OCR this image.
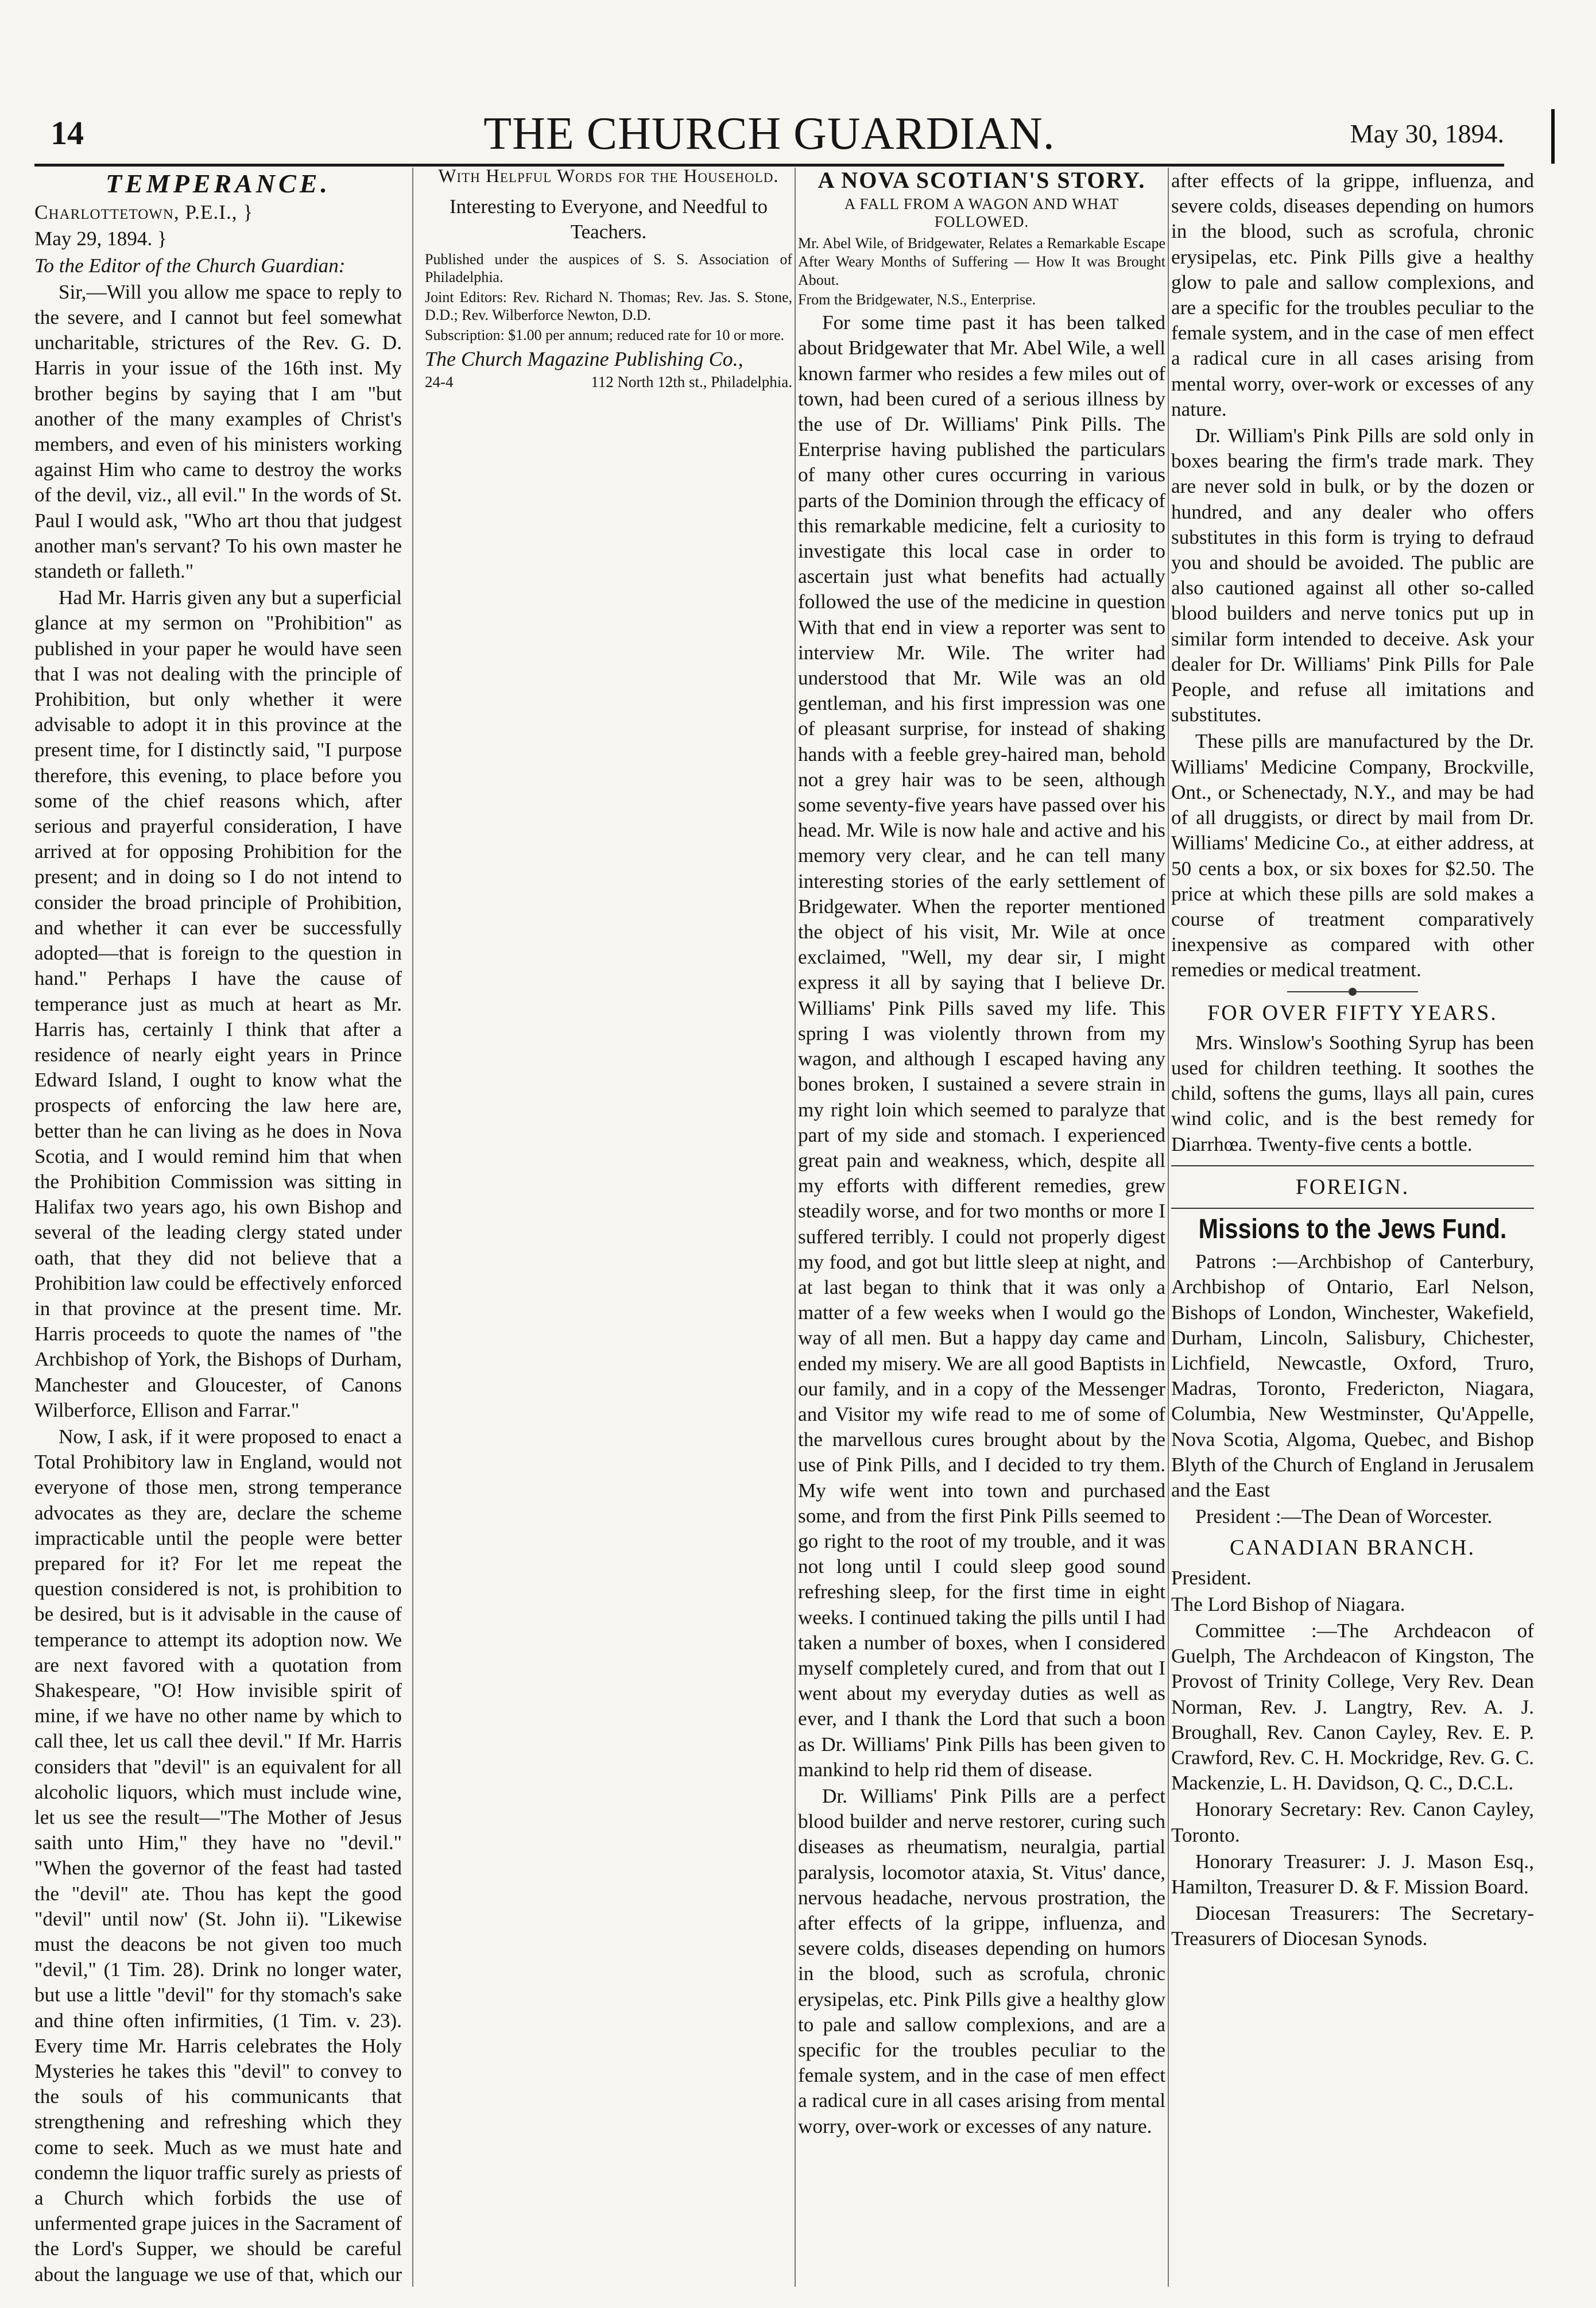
14	THE CHURCH GUARDIAN.	May 30, 1894.
TEMPERANCE.

Charlottetown, P.E.I., }

May 29, 1894. }

To the Editor of the Church Guardian:

Sir,—Will you allow me space to reply to the severe, and I cannot but feel somewhat uncharitable, strictures of the Rev. G. D. Harris in your issue of the 16th inst. My brother begins by saying that I am "but another of the many examples of Christ's members, and even of his ministers working against Him who came to destroy the works of the devil, viz., all evil." In the words of St. Paul I would ask, "Who art thou that judgest another man's servant? To his own master he standeth or falleth."

Had Mr. Harris given any but a superficial glance at my sermon on "Prohibition" as published in your paper he would have seen that I was not dealing with the principle of Prohibition, but only whether it were advisable to adopt it in this province at the present time, for I distinctly said, "I purpose therefore, this evening, to place before you some of the chief reasons which, after serious and prayerful consideration, I have arrived at for opposing Prohibition for the present; and in doing so I do not intend to consider the broad principle of Prohibition, and whether it can ever be successfully adopted—that is foreign to the question in hand." Perhaps I have the cause of temperance just as much at heart as Mr. Harris has, certainly I think that after a residence of nearly eight years in Prince Edward Island, I ought to know what the prospects of enforcing the law here are, better than he can living as he does in Nova Scotia, and I would remind him that when the Prohibition Commission was sitting in Halifax two years ago, his own Bishop and several of the leading clergy stated under oath, that they did not believe that a Prohibition law could be effectively enforced in that province at the present time. Mr. Harris proceeds to quote the names of "the Archbishop of York, the Bishops of Durham, Manchester and Gloucester, of Canons Wilberforce, Ellison and Farrar."

Now, I ask, if it were proposed to enact a Total Prohibitory law in England, would not everyone of those men, strong temperance advocates as they are, declare the scheme impracticable until the people were better prepared for it? For let me repeat the question considered is not, is prohibition to be desired, but is it advisable in the cause of temperance to attempt its adoption now. We are next favored with a quotation from Shakespeare, "O! How invisible spirit of mine, if we have no other name by which to call thee, let us call thee devil." If Mr. Harris considers that "devil" is an equivalent for all alcoholic liquors, which must include wine, let us see the result—"The Mother of Jesus saith unto Him," they have no "devil." "When the governor of the feast had tasted the "devil" ate. Thou has kept the good "devil" until now' (St. John ii). "Likewise must the deacons be not given too much "devil," (1 Tim. 28). Drink no longer water, but use a little "devil" for thy stomach's sake and thine often infirmities, (1 Tim. v. 23). Every time Mr. Harris celebrates the Holy Mysteries he takes this "devil" to convey to the souls of his communicants that strengthening and refreshing which they come to seek. Much as we must hate and condemn the liquor traffic surely as priests of a Church which forbids the use of unfermented grape juices in the Sacrament of the Lord's Supper, we should be careful about the language we use of that, which our

With Helpful Words for the Household.
Interesting to Everyone, and Needful to Teachers.

Published under the auspices of S. S. Association of Philadelphia.

Joint Editors: Rev. Richard N. Thomas; Rev. Jas. S. Stone, D.D.; Rev. Wilberforce Newton, D.D.

Subscription: $1.00 per annum; reduced rate for 10 or more.

The Church Magazine Publishing Co.,

24-4	112 North 12th st., Philadelphia.
A NOVA SCOTIAN'S STORY.
A FALL FROM A WAGON AND WHAT FOLLOWED.

Mr. Abel Wile, of Bridgewater, Relates a Remarkable Escape After Weary Months of Suffering — How It was Brought About.

From the Bridgewater, N.S., Enterprise.

For some time past it has been talked about Bridgewater that Mr. Abel Wile, a well known farmer who resides a few miles out of town, had been cured of a serious illness by the use of Dr. Williams' Pink Pills. The Enterprise having published the particulars of many other cures occurring in various parts of the Dominion through the efficacy of this remarkable medicine, felt a curiosity to investigate this local case in order to ascertain just what benefits had actually followed the use of the medicine in question With that end in view a reporter was sent to interview Mr. Wile. The writer had understood that Mr. Wile was an old gentleman, and his first impression was one of pleasant surprise, for instead of shaking hands with a feeble grey-haired man, behold not a grey hair was to be seen, although some seventy-five years have passed over his head. Mr. Wile is now hale and active and his memory very clear, and he can tell many interesting stories of the early settlement of Bridgewater. When the reporter mentioned the object of his visit, Mr. Wile at once exclaimed, "Well, my dear sir, I might express it all by saying that I believe Dr. Williams' Pink Pills saved my life. This spring I was violently thrown from my wagon, and although I escaped having any bones broken, I sustained a severe strain in my right loin which seemed to paralyze that part of my side and stomach. I experienced great pain and weakness, which, despite all my efforts with different remedies, grew steadily worse, and for two months or more I suffered terribly. I could not properly digest my food, and got but little sleep at night, and at last began to think that it was only a matter of a few weeks when I would go the way of all men. But a happy day came and ended my misery. We are all good Baptists in our family, and in a copy of the Messenger and Visitor my wife read to me of some of the marvellous cures brought about by the use of Pink Pills, and I decided to try them. My wife went into town and purchased some, and from the first Pink Pills seemed to go right to the root of my trouble, and it was not long until I could sleep good sound refreshing sleep, for the first time in eight weeks. I continued taking the pills until I had taken a number of boxes, when I considered myself completely cured, and from that out I went about my everyday duties as well as ever, and I thank the Lord that such a boon as Dr. Williams' Pink Pills has been given to mankind to help rid them of disease.

Dr. Williams' Pink Pills are a perfect blood builder and nerve restorer, curing such diseases as rheumatism, neuralgia, partial paralysis, locomotor ataxia, St. Vitus' dance, nervous headache, nervous prostration, the after effects of la grippe, influenza, and severe colds, diseases depending on humors in the blood, such as scrofula, chronic erysipelas, etc. Pink Pills give a healthy glow to pale and sallow complexions, and are a specific for the troubles peculiar to the female system, and in the case of men effect a radical cure in all cases arising from mental worry, over-work or excesses of any nature.

after effects of la grippe, influenza, and severe colds, diseases depending on humors in the blood, such as scrofula, chronic erysipelas, etc. Pink Pills give a healthy glow to pale and sallow complexions, and are a specific for the troubles peculiar to the female system, and in the case of men effect a radical cure in all cases arising from mental worry, over-work or excesses of any nature.

Dr. William's Pink Pills are sold only in boxes bearing the firm's trade mark. They are never sold in bulk, or by the dozen or hundred, and any dealer who offers substitutes in this form is trying to defraud you and should be avoided. The public are also cautioned against all other so-called blood builders and nerve tonics put up in similar form intended to deceive. Ask your dealer for Dr. Williams' Pink Pills for Pale People, and refuse all imitations and substitutes.

These pills are manufactured by the Dr. Williams' Medicine Company, Brockville, Ont., or Schenectady, N.Y., and may be had of all druggists, or direct by mail from Dr. Williams' Medicine Co., at either address, at 50 cents a box, or six boxes for $2.50. The price at which these pills are sold makes a course of treatment comparatively inexpensive as compared with other remedies or medical treatment.

FOR OVER FIFTY YEARS.

Mrs. Winslow's Soothing Syrup has been used for children teething. It soothes the child, softens the gums, llays all pain, cures wind colic, and is the best remedy for Diarrhœa. Twenty-five cents a bottle.

FOREIGN.
Missions to the Jews Fund.

Patrons :—Archbishop of Canterbury, Archbishop of Ontario, Earl Nelson, Bishops of London, Winchester, Wakefield, Durham, Lincoln, Salisbury, Chichester, Lichfield, Newcastle, Oxford, Truro, Madras, Toronto, Fredericton, Niagara, Columbia, New Westminster, Qu'Appelle, Nova Scotia, Algoma, Quebec, and Bishop Blyth of the Church of England in Jerusalem and the East

President :—The Dean of Worcester.

CANADIAN BRANCH.

President.

The Lord Bishop of Niagara.

Committee :—The Archdeacon of Guelph, The Archdeacon of Kingston, The Provost of Trinity College, Very Rev. Dean Norman, Rev. J. Langtry, Rev. A. J. Broughall, Rev. Canon Cayley, Rev. E. P. Crawford, Rev. C. H. Mockridge, Rev. G. C. Mackenzie, L. H. Davidson, Q. C., D.C.L.

Honorary Secretary: Rev. Canon Cayley, Toronto.

Honorary Treasurer: J. J. Mason Esq., Hamilton, Treasurer D. & F. Mission Board.

Diocesan Treasurers: The Secretary-Treasurers of Diocesan Synods.
